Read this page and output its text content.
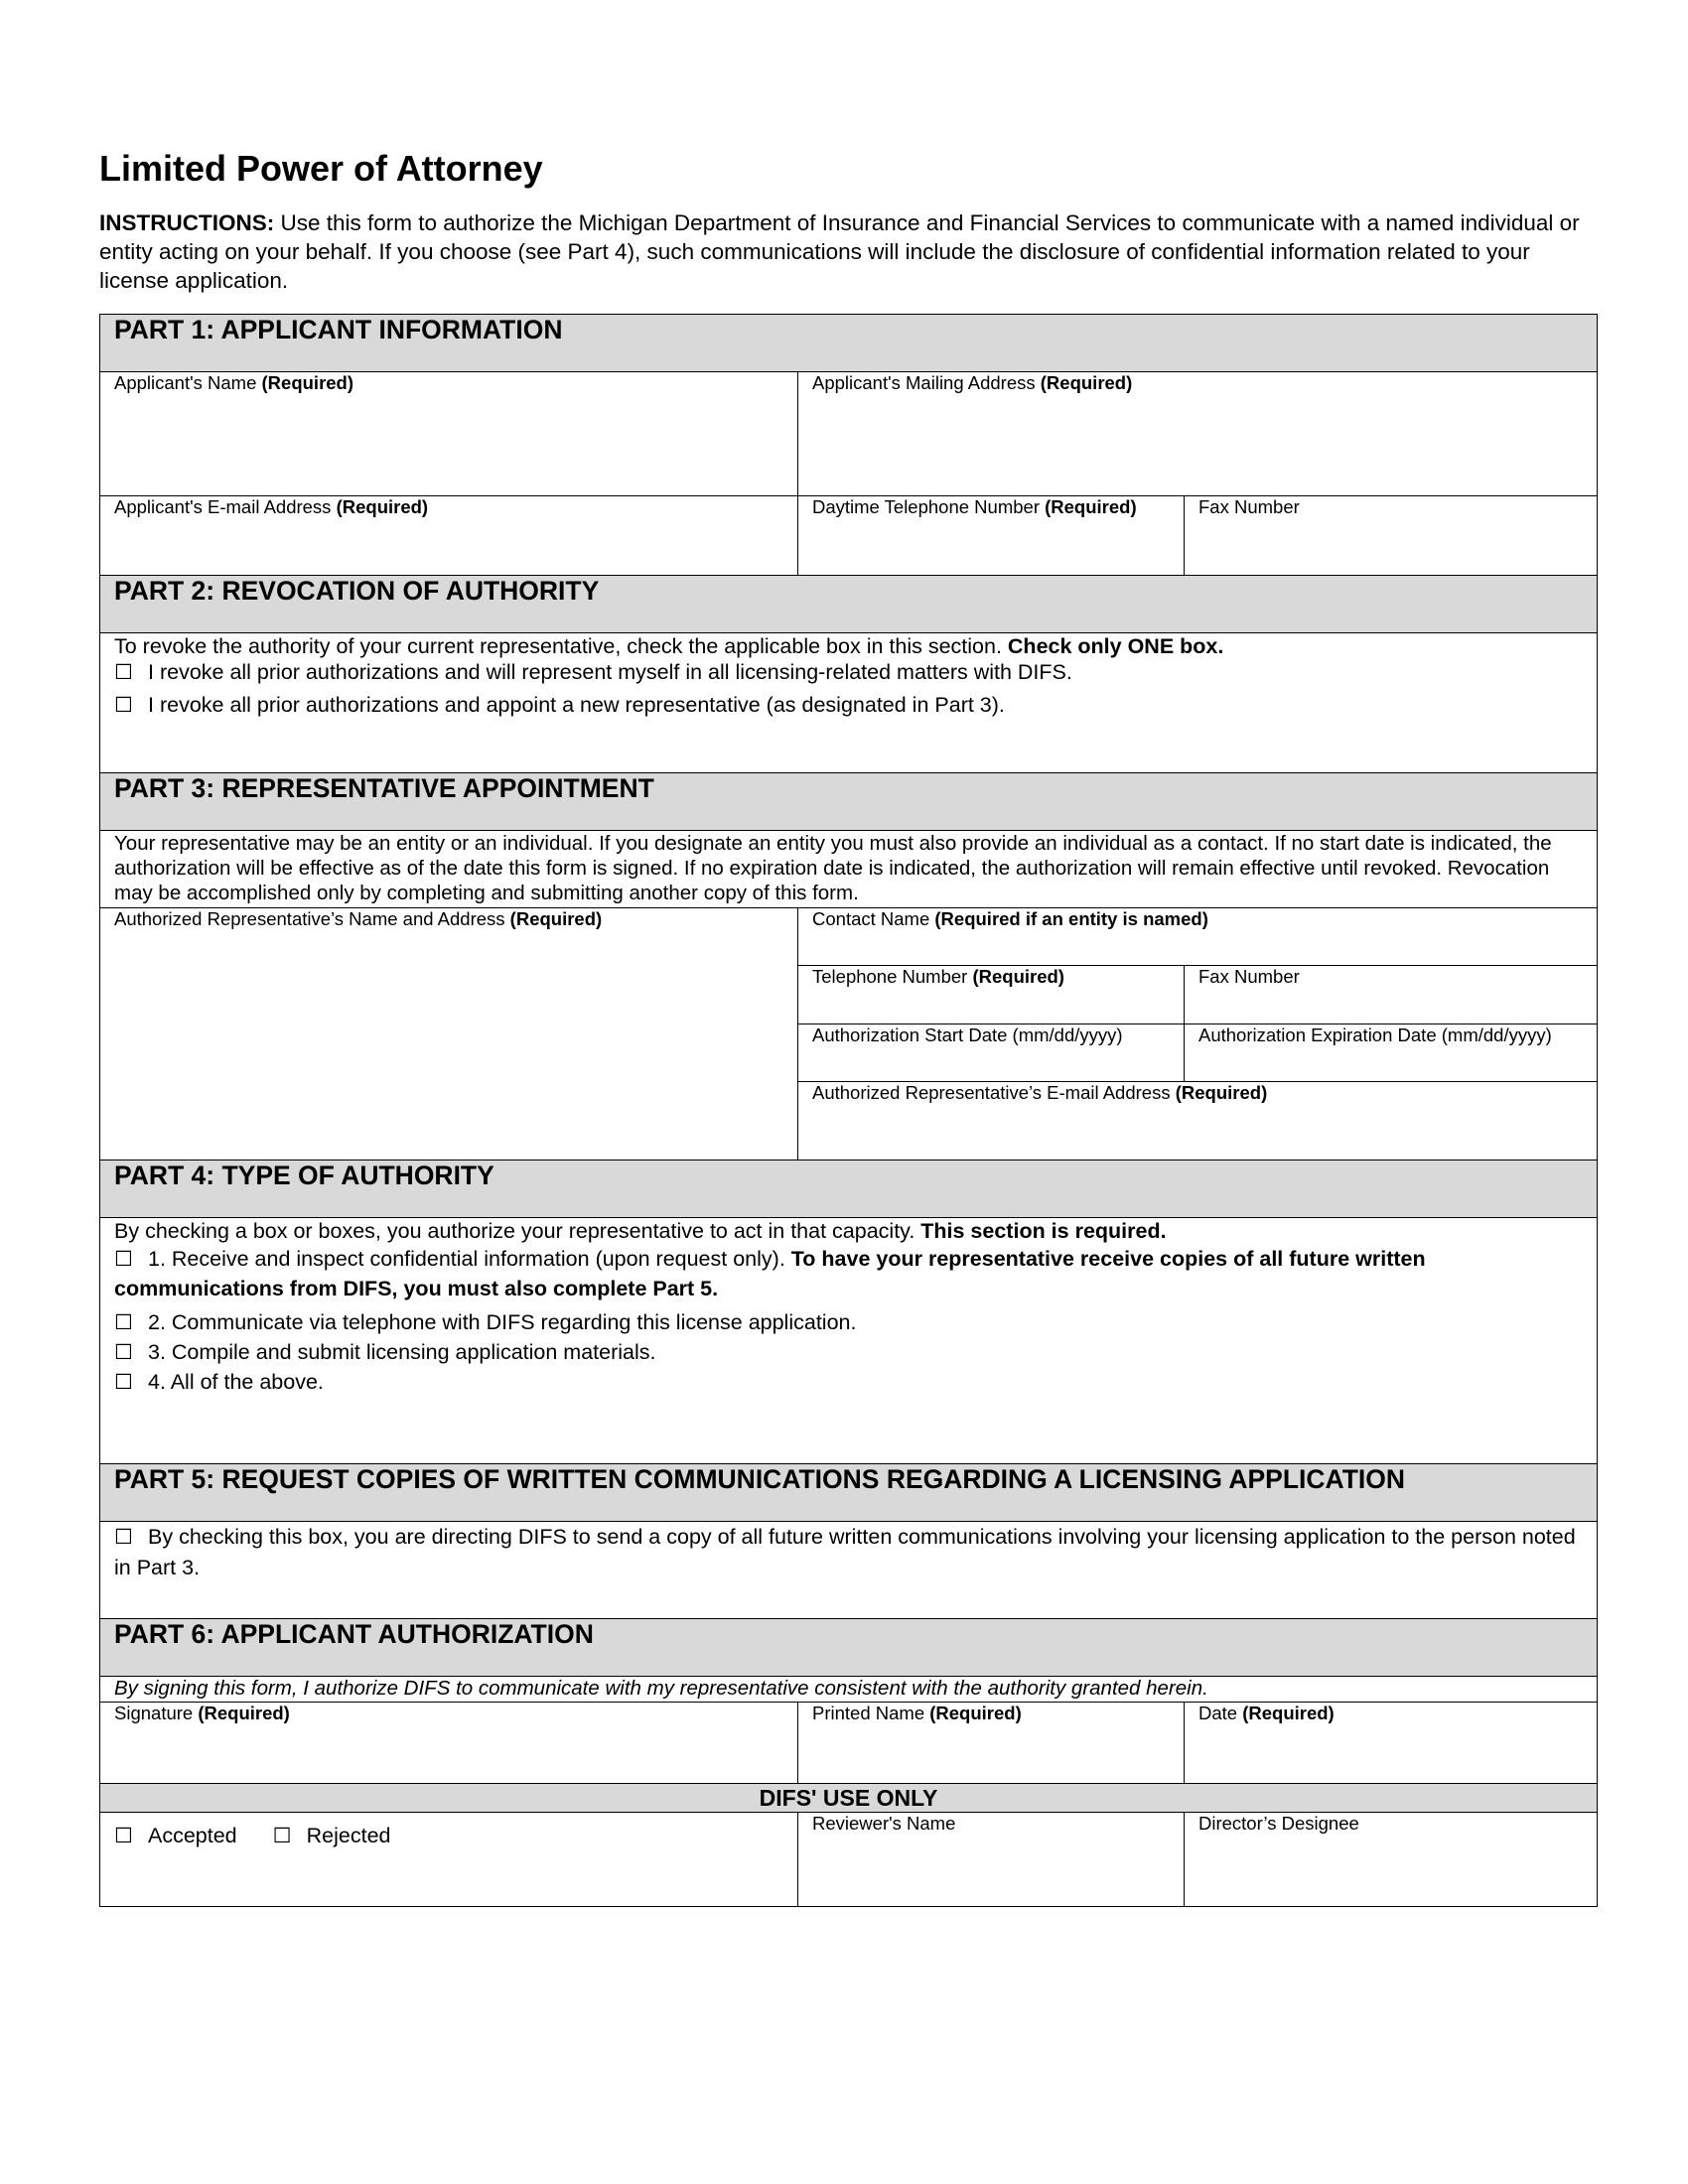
Limited Power of Attorney
INSTRUCTIONS: Use this form to authorize the Michigan Department of Insurance and Financial Services to communicate with a named individual or entity acting on your behalf. If you choose (see Part 4), such communications will include the disclosure of confidential information related to your license application.
PART 1: APPLICANT INFORMATION		
Applicant's Name (Required)	Applicant's Mailing Address (Required)	
Applicant's E-mail Address (Required)	Daytime Telephone Number (Required)	Fax Number
PART 2: REVOCATION OF AUTHORITY		
To revoke the authority of your current representative, check the applicable box in this section. Check only ONE box.
☐ I revoke all prior authorizations and will represent myself in all licensing-related matters with DIFS.
☐ I revoke all prior authorizations and appoint a new representative (as designated in Part 3).		

PART 3: REPRESENTATIVE APPOINTMENT		
Your representative may be an entity or an individual. If you designate an entity you must also provide an individual as a contact. If no start date is indicated, the authorization will be effective as of the date this form is signed. If no expiration date is indicated, the authorization will remain effective until revoked. Revocation may be accomplished only by completing and submitting another copy of this form.		
Authorized Representative’s Name and Address (Required)	Contact Name (Required if an entity is named)	
	Telephone Number (Required)	Fax Number
	Authorization Start Date (mm/dd/yyyy)	Authorization Expiration Date (mm/dd/yyyy)
	Authorized Representative’s E-mail Address (Required)	
PART 4: TYPE OF AUTHORITY		
By checking a box or boxes, you authorize your representative to act in that capacity. This section is required.
☐ 1. Receive and inspect confidential information (upon request only). To have your representative receive copies of all future written communications from DIFS, you must also complete Part 5.
☐ 2. Communicate via telephone with DIFS regarding this license application.
☐ 3. Compile and submit licensing application materials.
☐ 4. All of the above.		

PART 5: REQUEST COPIES OF WRITTEN COMMUNICATIONS REGARDING A LICENSING APPLICATION		
☐ By checking this box, you are directing DIFS to send a copy of all future written communications involving your licensing application to the person noted in Part 3.		
PART 6: APPLICANT AUTHORIZATION		
By signing this form, I authorize DIFS to communicate with my representative consistent with the authority granted herein.		
Signature (Required)	Printed Name (Required)	Date (Required)
DIFS' USE ONLY		
☐ Accepted ☐ Rejected	Reviewer's Name	Director’s Designee
